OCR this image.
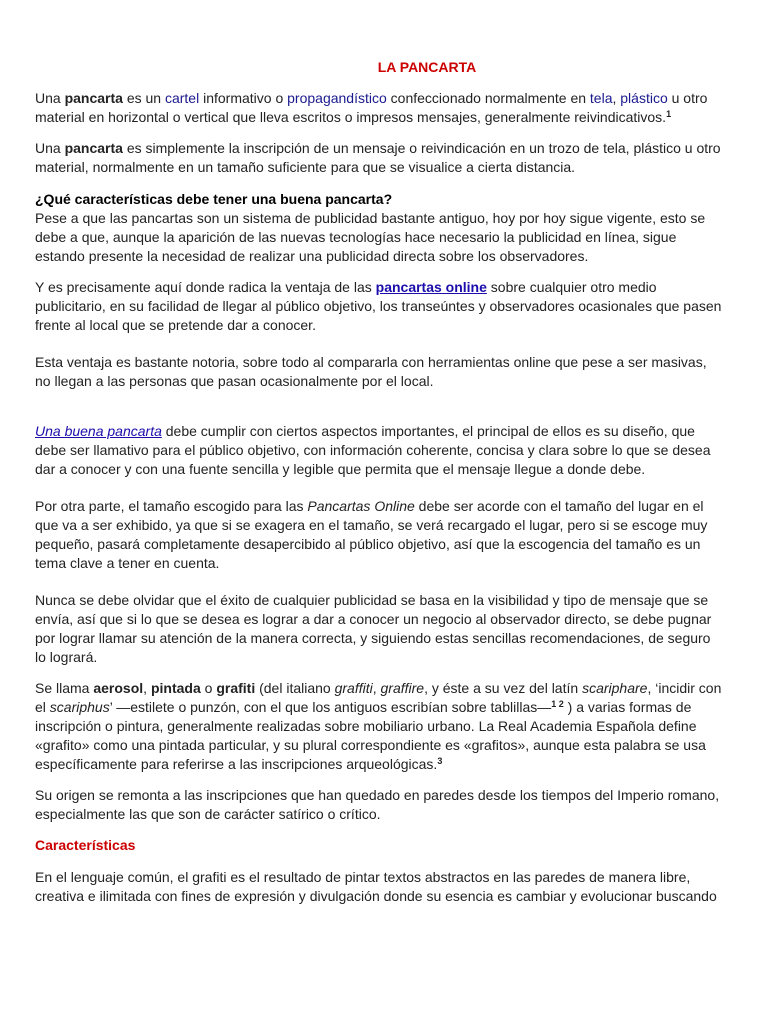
LA PANCARTA

Una pancarta es un cartel informativo o propagandístico confeccionado normalmente en tela, plástico u otro material en horizontal o vertical que lleva escritos o impresos mensajes, generalmente reivindicativos.$^1$

Una pancarta es simplemente la inscripción de un mensaje o reivindicación en un trozo de tela, plástico u otro material, normalmente en un tamaño suficiente para que se visualice a cierta distancia.

¿Qué características debe tener una buena pancarta?
Pese a que las pancartas son un sistema de publicidad bastante antiguo, hoy por hoy sigue vigente, esto se debe a que, aunque la aparición de las nuevas tecnologías hace necesario la publicidad en línea, sigue estando presente la necesidad de realizar una publicidad directa sobre los observadores.

Y es precisamente aquí donde radica la ventaja de las pancartas online sobre cualquier otro medio publicitario, en su facilidad de llegar al público objetivo, los transeúntes y observadores ocasionales que pasen frente al local que se pretende dar a conocer.

Esta ventaja es bastante notoria, sobre todo al compararla con herramientas online que pese a ser masivas, no llegan a las personas que pasan ocasionalmente por el local.

Una buena pancarta debe cumplir con ciertos aspectos importantes, el principal de ellos es su diseño, que debe ser llamativo para el público objetivo, con información coherente, concisa y clara sobre lo que se desea dar a conocer y con una fuente sencilla y legible que permita que el mensaje llegue a donde debe.

Por otra parte, el tamaño escogido para las Pancartas Online debe ser acorde con el tamaño del lugar en el que va a ser exhibido, ya que si se exagera en el tamaño, se verá recargado el lugar, pero si se escoge muy pequeño, pasará completamente desapercibido al público objetivo, así que la escogencia del tamaño es un tema clave a tener en cuenta.

Nunca se debe olvidar que el éxito de cualquier publicidad se basa en la visibilidad y tipo de mensaje que se envía, así que si lo que se desea es lograr a dar a conocer un negocio al observador directo, se debe pugnar por lograr llamar su atención de la manera correcta, y siguiendo estas sencillas recomendaciones, de seguro lo logrará.

Se llama aerosol, pintada o grafiti (del italiano graffiti, graffire, y éste a su vez del latín scariphare, ‘incidir con el scariphus’ —estilete o punzón, con el que los antiguos escribían sobre tablillas—$^{1 2}$ ) a varias formas de inscripción o pintura, generalmente realizadas sobre mobiliario urbano. La Real Academia Española define «grafito» como una pintada particular, y su plural correspondiente es «grafitos», aunque esta palabra se usa específicamente para referirse a las inscripciones arqueológicas.$^3$

Su origen se remonta a las inscripciones que han quedado en paredes desde los tiempos del Imperio romano, especialmente las que son de carácter satírico o crítico.

Características

En el lenguaje común, el grafiti es el resultado de pintar textos abstractos en las paredes de manera libre, creativa e ilimitada con fines de expresión y divulgación donde su esencia es cambiar y evolucionar buscando
